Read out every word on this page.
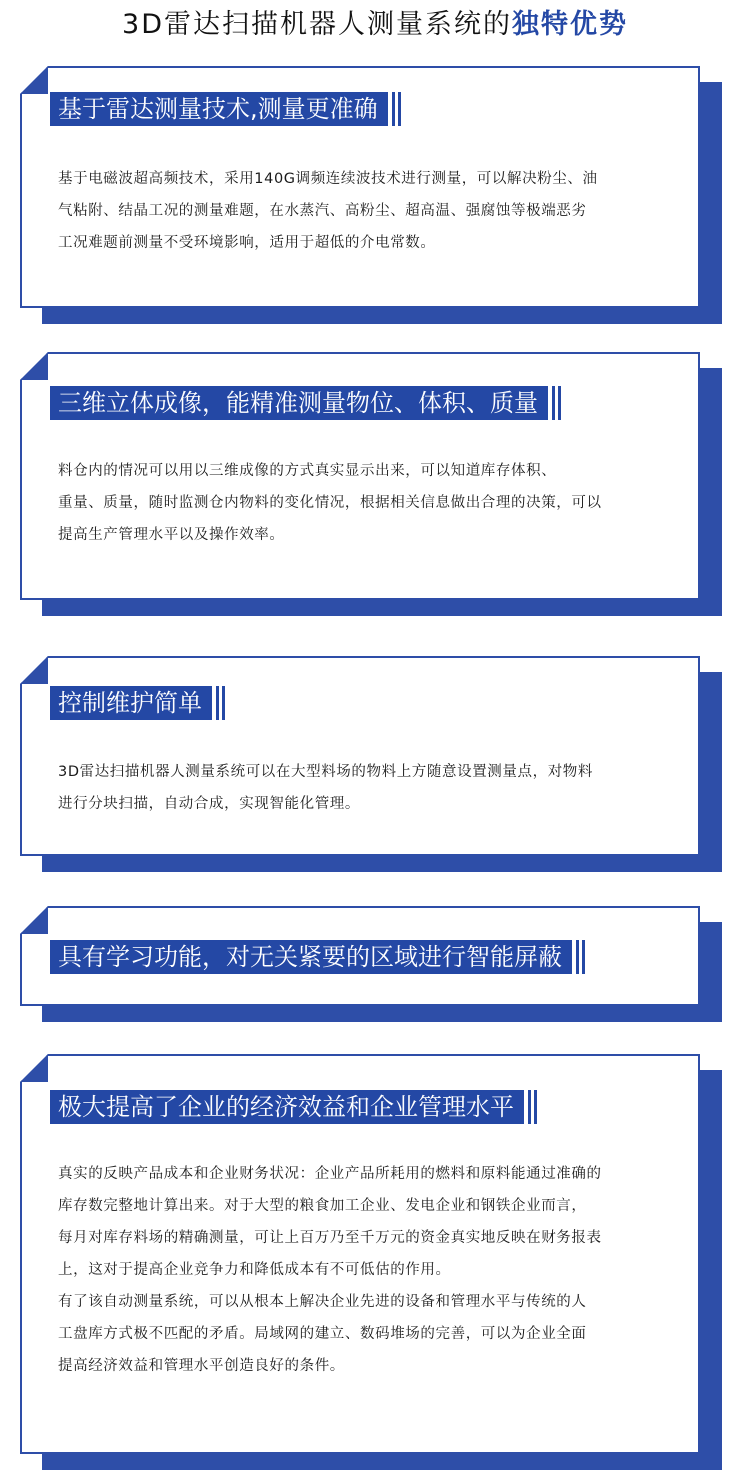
3D雷达扫描机器人测量系统的独特优势
基于雷达测量技术,测量更准确
基于电磁波超高频技术，采用140G调频连续波技术进行测量，可以解决粉尘、油
气粘附、结晶工况的测量难题，在水蒸汽、高粉尘、超高温、强腐蚀等极端恶劣
工况难题前测量不受环境影响，适用于超低的介电常数。
三维立体成像，能精准测量物位、体积、质量
料仓内的情况可以用以三维成像的方式真实显示出来，可以知道库存体积、
重量、质量，随时监测仓内物料的变化情况，根据相关信息做出合理的决策，可以
提高生产管理水平以及操作效率。
控制维护简单
3D雷达扫描机器人测量系统可以在大型料场的物料上方随意设置测量点，对物料
进行分块扫描，自动合成，实现智能化管理。
具有学习功能，对无关紧要的区域进行智能屏蔽
极大提高了企业的经济效益和企业管理水平
真实的反映产品成本和企业财务状况：企业产品所耗用的燃料和原料能通过准确的
库存数完整地计算出来。对于大型的粮食加工企业、发电企业和钢铁企业而言，
每月对库存料场的精确测量，可让上百万乃至千万元的资金真实地反映在财务报表
上，这对于提高企业竞争力和降低成本有不可低估的作用。
有了该自动测量系统，可以从根本上解决企业先进的设备和管理水平与传统的人
工盘库方式极不匹配的矛盾。局域网的建立、数码堆场的完善，可以为企业全面
提高经济效益和管理水平创造良好的条件。
